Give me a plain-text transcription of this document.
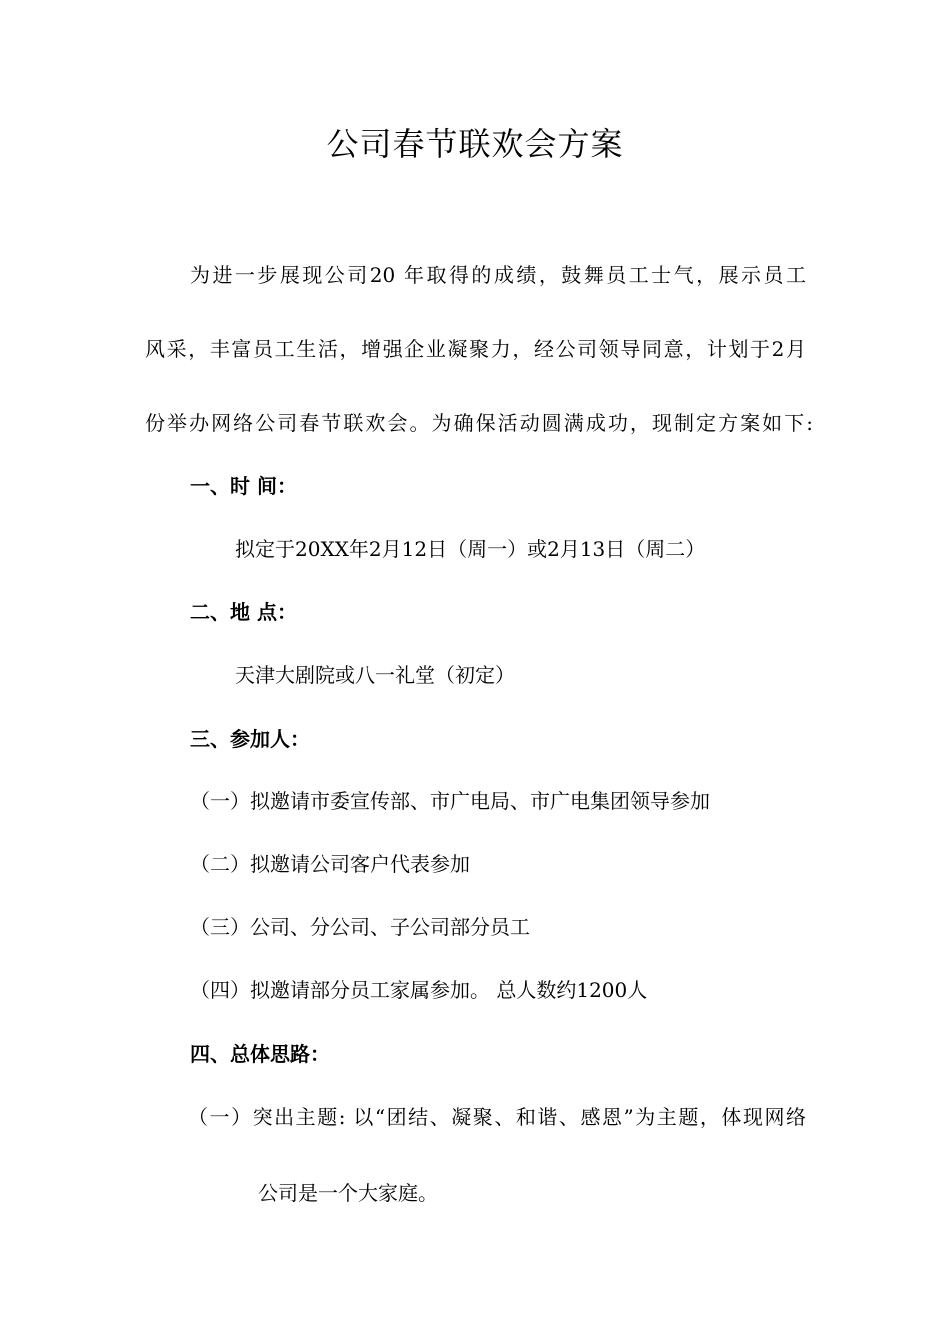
公司春节联欢会方案
为进一步展现公司20 年取得的成绩，鼓舞员工士气，展示员工
风采，丰富员工生活，增强企业凝聚力，经公司领导同意，计划于2月
份举办网络公司春节联欢会。为确保活动圆满成功，现制定方案如下:
一、时 间：
拟定于20XX年2月12日（周一）或2月13日（周二）
二、地 点：
天津大剧院或八一礼堂（初定）
三、参加人：
（一）拟邀请市委宣传部、市广电局、市广电集团领导参加
（二）拟邀请公司客户代表参加
（三）公司、分公司、子公司部分员工
（四）拟邀请部分员工家属参加。 总人数约1200人
四、总体思路：
（一）突出主题: 以“团结、凝聚、和谐、感恩”为主题，体现网络
公司是一个大家庭。
